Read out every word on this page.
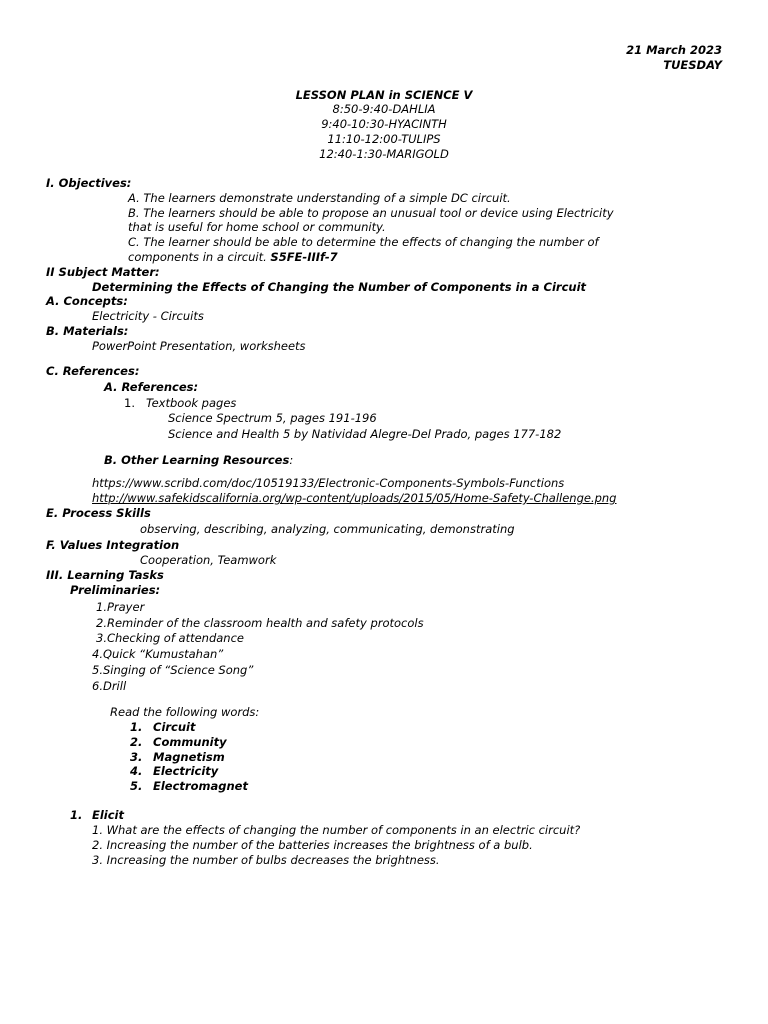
21 March 2023
TUESDAY
LESSON PLAN in SCIENCE V
8:50-9:40-DAHLIA
9:40-10:30-HYACINTH
11:10-12:00-TULIPS
12:40-1:30-MARIGOLD
I. Objectives:
A. The learners demonstrate understanding of a simple DC circuit.
B. The learners should be able to propose an unusual tool or device using Electricity
that is useful for home school or community.
C. The learner should be able to determine the effects of changing the number of
components in a circuit. S5FE-IIIf-7
II Subject Matter:
Determining the Effects of Changing the Number of Components in a Circuit
A. Concepts:
Electricity - Circuits
B. Materials:
PowerPoint Presentation, worksheets
C. References:
A. References:
1. Textbook pages
Science Spectrum 5, pages 191-196
Science and Health 5 by Natividad Alegre-Del Prado, pages 177-182
B. Other Learning Resources:
https://www.scribd.com/doc/10519133/Electronic-Components-Symbols-Functions
http://www.safekidscalifornia.org/wp-content/uploads/2015/05/Home-Safety-Challenge.png
E. Process Skills
observing, describing, analyzing, communicating, demonstrating
F. Values Integration
Cooperation, Teamwork
III. Learning Tasks
Preliminaries:
1.Prayer
2.Reminder of the classroom health and safety protocols
3.Checking of attendance
4.Quick “Kumustahan”
5.Singing of “Science Song”
6.Drill
Read the following words:
1. Circuit
2. Community
3. Magnetism
4. Electricity
5. Electromagnet
1. Elicit
1. What are the effects of changing the number of components in an electric circuit?
2. Increasing the number of the batteries increases the brightness of a bulb.
3. Increasing the number of bulbs decreases the brightness.
